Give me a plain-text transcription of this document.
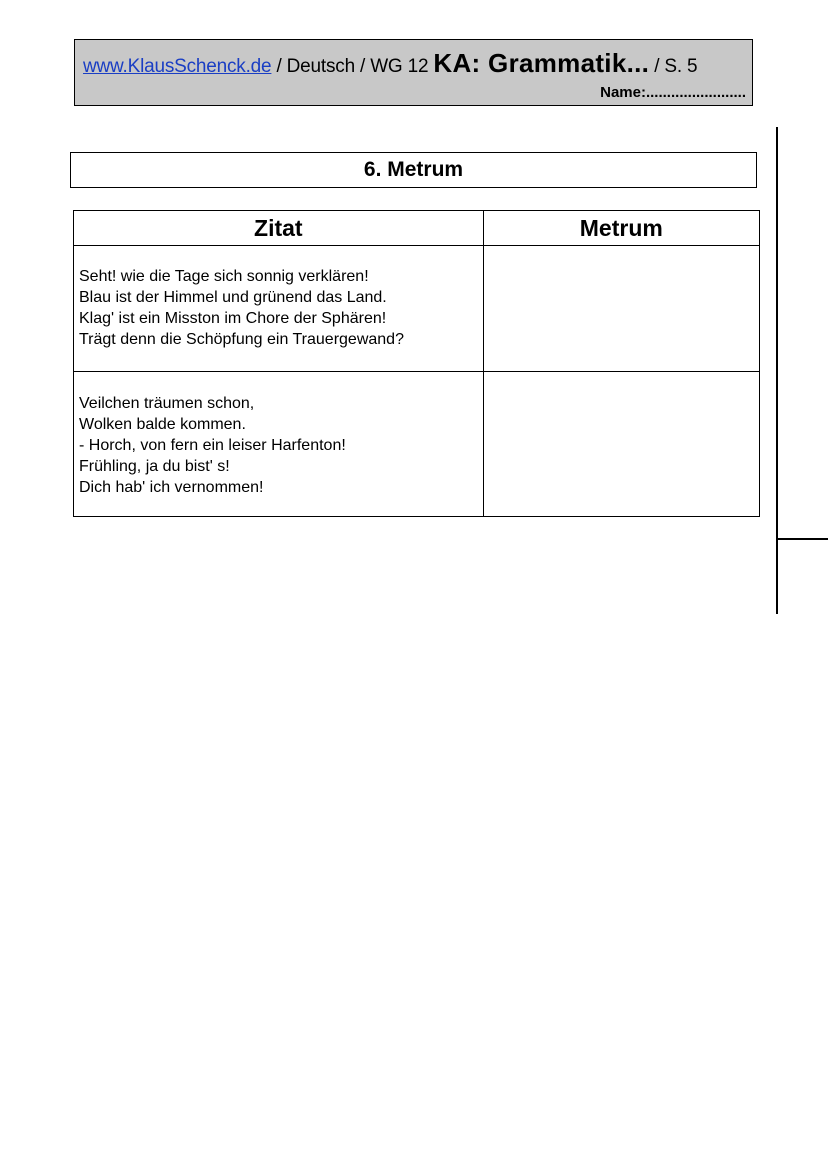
www.KlausSchenck.de / Deutsch / WG 12 KA: Grammatik... / S. 5
Name:........................
6. Metrum
Zitat	Metrum

Seht! wie die Tage sich sonnig verklären!
Blau ist der Himmel und grünend das Land.
Klag' ist ein Misston im Chore der Sphären!
Trägt denn die Schöpfung ein Trauergewand?	

Veilchen träumen schon,
Wolken balde kommen.
- Horch, von fern ein leiser Harfenton!
Frühling, ja du bist' s!
Dich hab' ich vernommen!	
